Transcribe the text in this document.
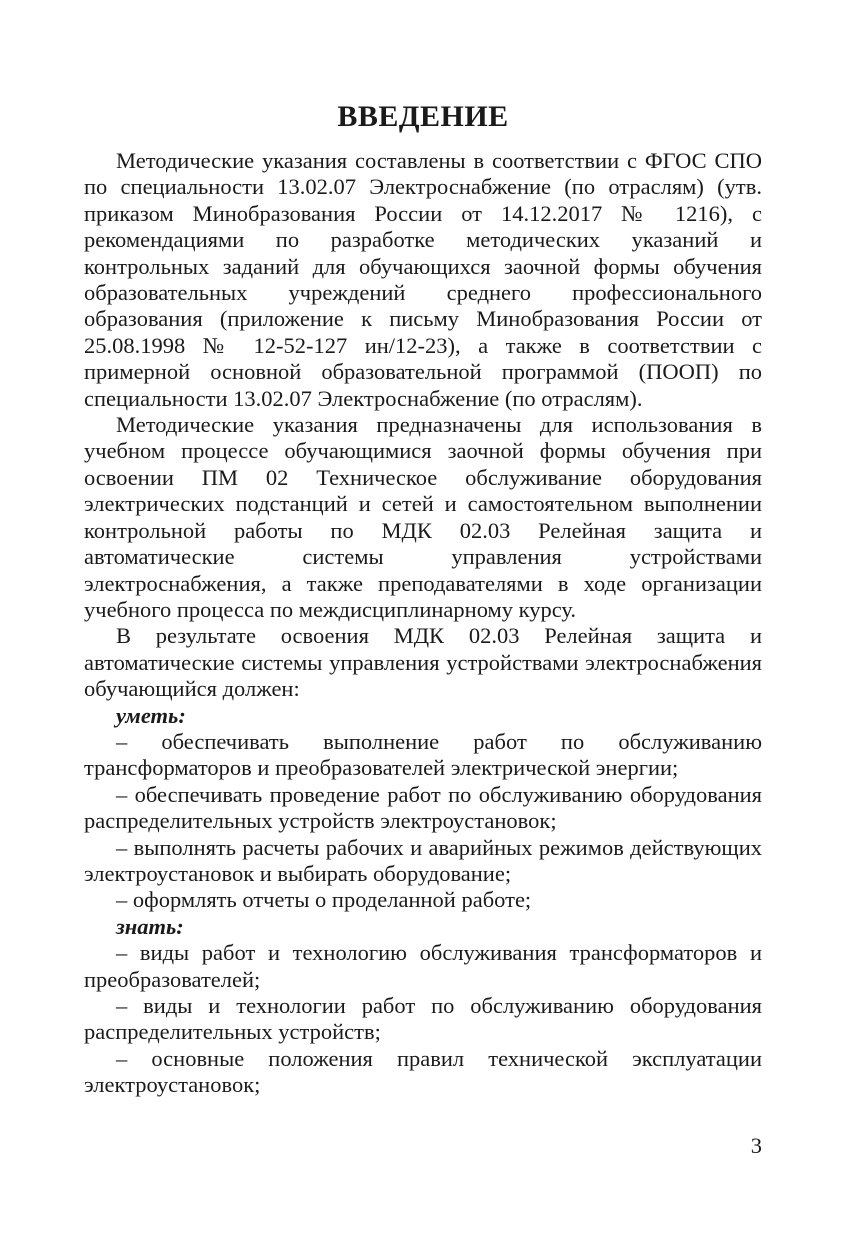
ВВЕДЕНИЕ

Методические указания составлены в соответствии с ФГОС СПО по специальности 13.02.07 Электроснабжение (по отраслям) (утв. приказом Минобразования России от 14.12.2017 № 1216), с рекомендациями по разработке методических указаний и контрольных заданий для обучающихся заочной формы обучения образовательных учреждений среднего профессионального образования (приложение к письму Минобразования России от 25.08.1998 № 12-52-127 ин/12-23), а также в соответствии с примерной основной образовательной программой (ПООП) по специальности 13.02.07 Электроснабжение (по отраслям).

Методические указания предназначены для использования в учебном процессе обучающимися заочной формы обучения при освоении ПМ 02 Техническое обслуживание оборудования электрических подстанций и сетей и самостоятельном выполнении контрольной работы по МДК 02.03 Релейная защита и автоматические системы управления устройствами электроснабжения, а также преподавателями в ходе организации учебного процесса по междисциплинарному курсу.

В результате освоения МДК 02.03 Релейная защита и автоматические системы управления устройствами электроснабжения обучающийся должен:

уметь:

– обеспечивать выполнение работ по обслуживанию трансформаторов и преобразователей электрической энергии;

– обеспечивать проведение работ по обслуживанию оборудования распределительных устройств электроустановок;

– выполнять расчеты рабочих и аварийных режимов действующих электроустановок и выбирать оборудование;

– оформлять отчеты о проделанной работе;

знать:

– виды работ и технологию обслуживания трансформаторов и преобразователей;

– виды и технологии работ по обслуживанию оборудования распределительных устройств;

– основные положения правил технической эксплуатации электроустановок;

3
